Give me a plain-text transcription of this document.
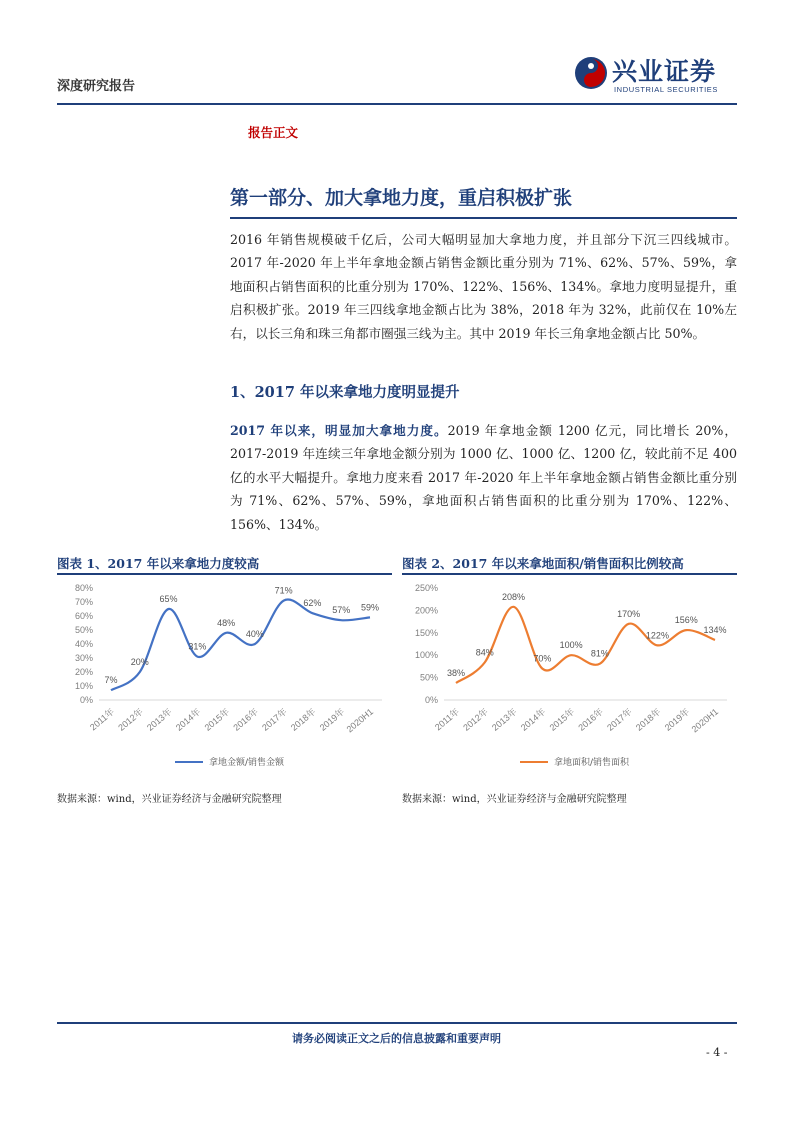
深度研究报告
兴业证券
INDUSTRIAL SECURITIES
报告正文
第一部分、加大拿地力度，重启积极扩张
2016 年销售规模破千亿后，公司大幅明显加大拿地力度，并且部分下沉三四线城市。2017 年-2020 年上半年拿地金额占销售金额比重分别为 71%、62%、57%、59%，拿地面积占销售面积的比重分别为 170%、122%、156%、134%。拿地力度明显提升，重启积极扩张。2019 年三四线拿地金额占比为 38%，2018 年为 32%，此前仅在 10%左右，以长三角和珠三角都市圈强三线为主。其中 2019 年长三角拿地金额占比 50%。
1、2017 年以来拿地力度明显提升
2017 年以来，明显加大拿地力度。2019 年拿地金额 1200 亿元，同比增长 20%，2017-2019 年连续三年拿地金额分别为 1000 亿、1000 亿、1200 亿，较此前不足 400 亿的水平大幅提升。拿地力度来看 2017 年-2020 年上半年拿地金额占销售金额比重分别为 71%、62%、57%、59%，拿地面积占销售面积的比重分别为 170%、122%、156%、134%。
图表 1、2017 年以来拿地力度较高
0%
10%
20%
30%
40%
50%
60%
70%
80%
2011年 2012年 2013年 2014年 2015年 2016年 2017年 2018年 2019年
2020H1
7%
20%
65%
31%
48%
40%
71%
62%
57% 59%
拿地金额/销售金额
数据来源：wind，兴业证券经济与金融研究院整理
图表 2、2017 年以来拿地面积/销售面积比例较高
0%
50%
100%
150%
200%
250%
2011年 2012年 2013年 2014年 2015年 2016年 2017年 2018年 2019年
2020H1
38%
84%
208%
70%
100%
81%
170%
122%
156%
134%
拿地面积/销售面积
数据来源：wind，兴业证券经济与金融研究院整理
请务必阅读正文之后的信息披露和重要声明
- 4 -
